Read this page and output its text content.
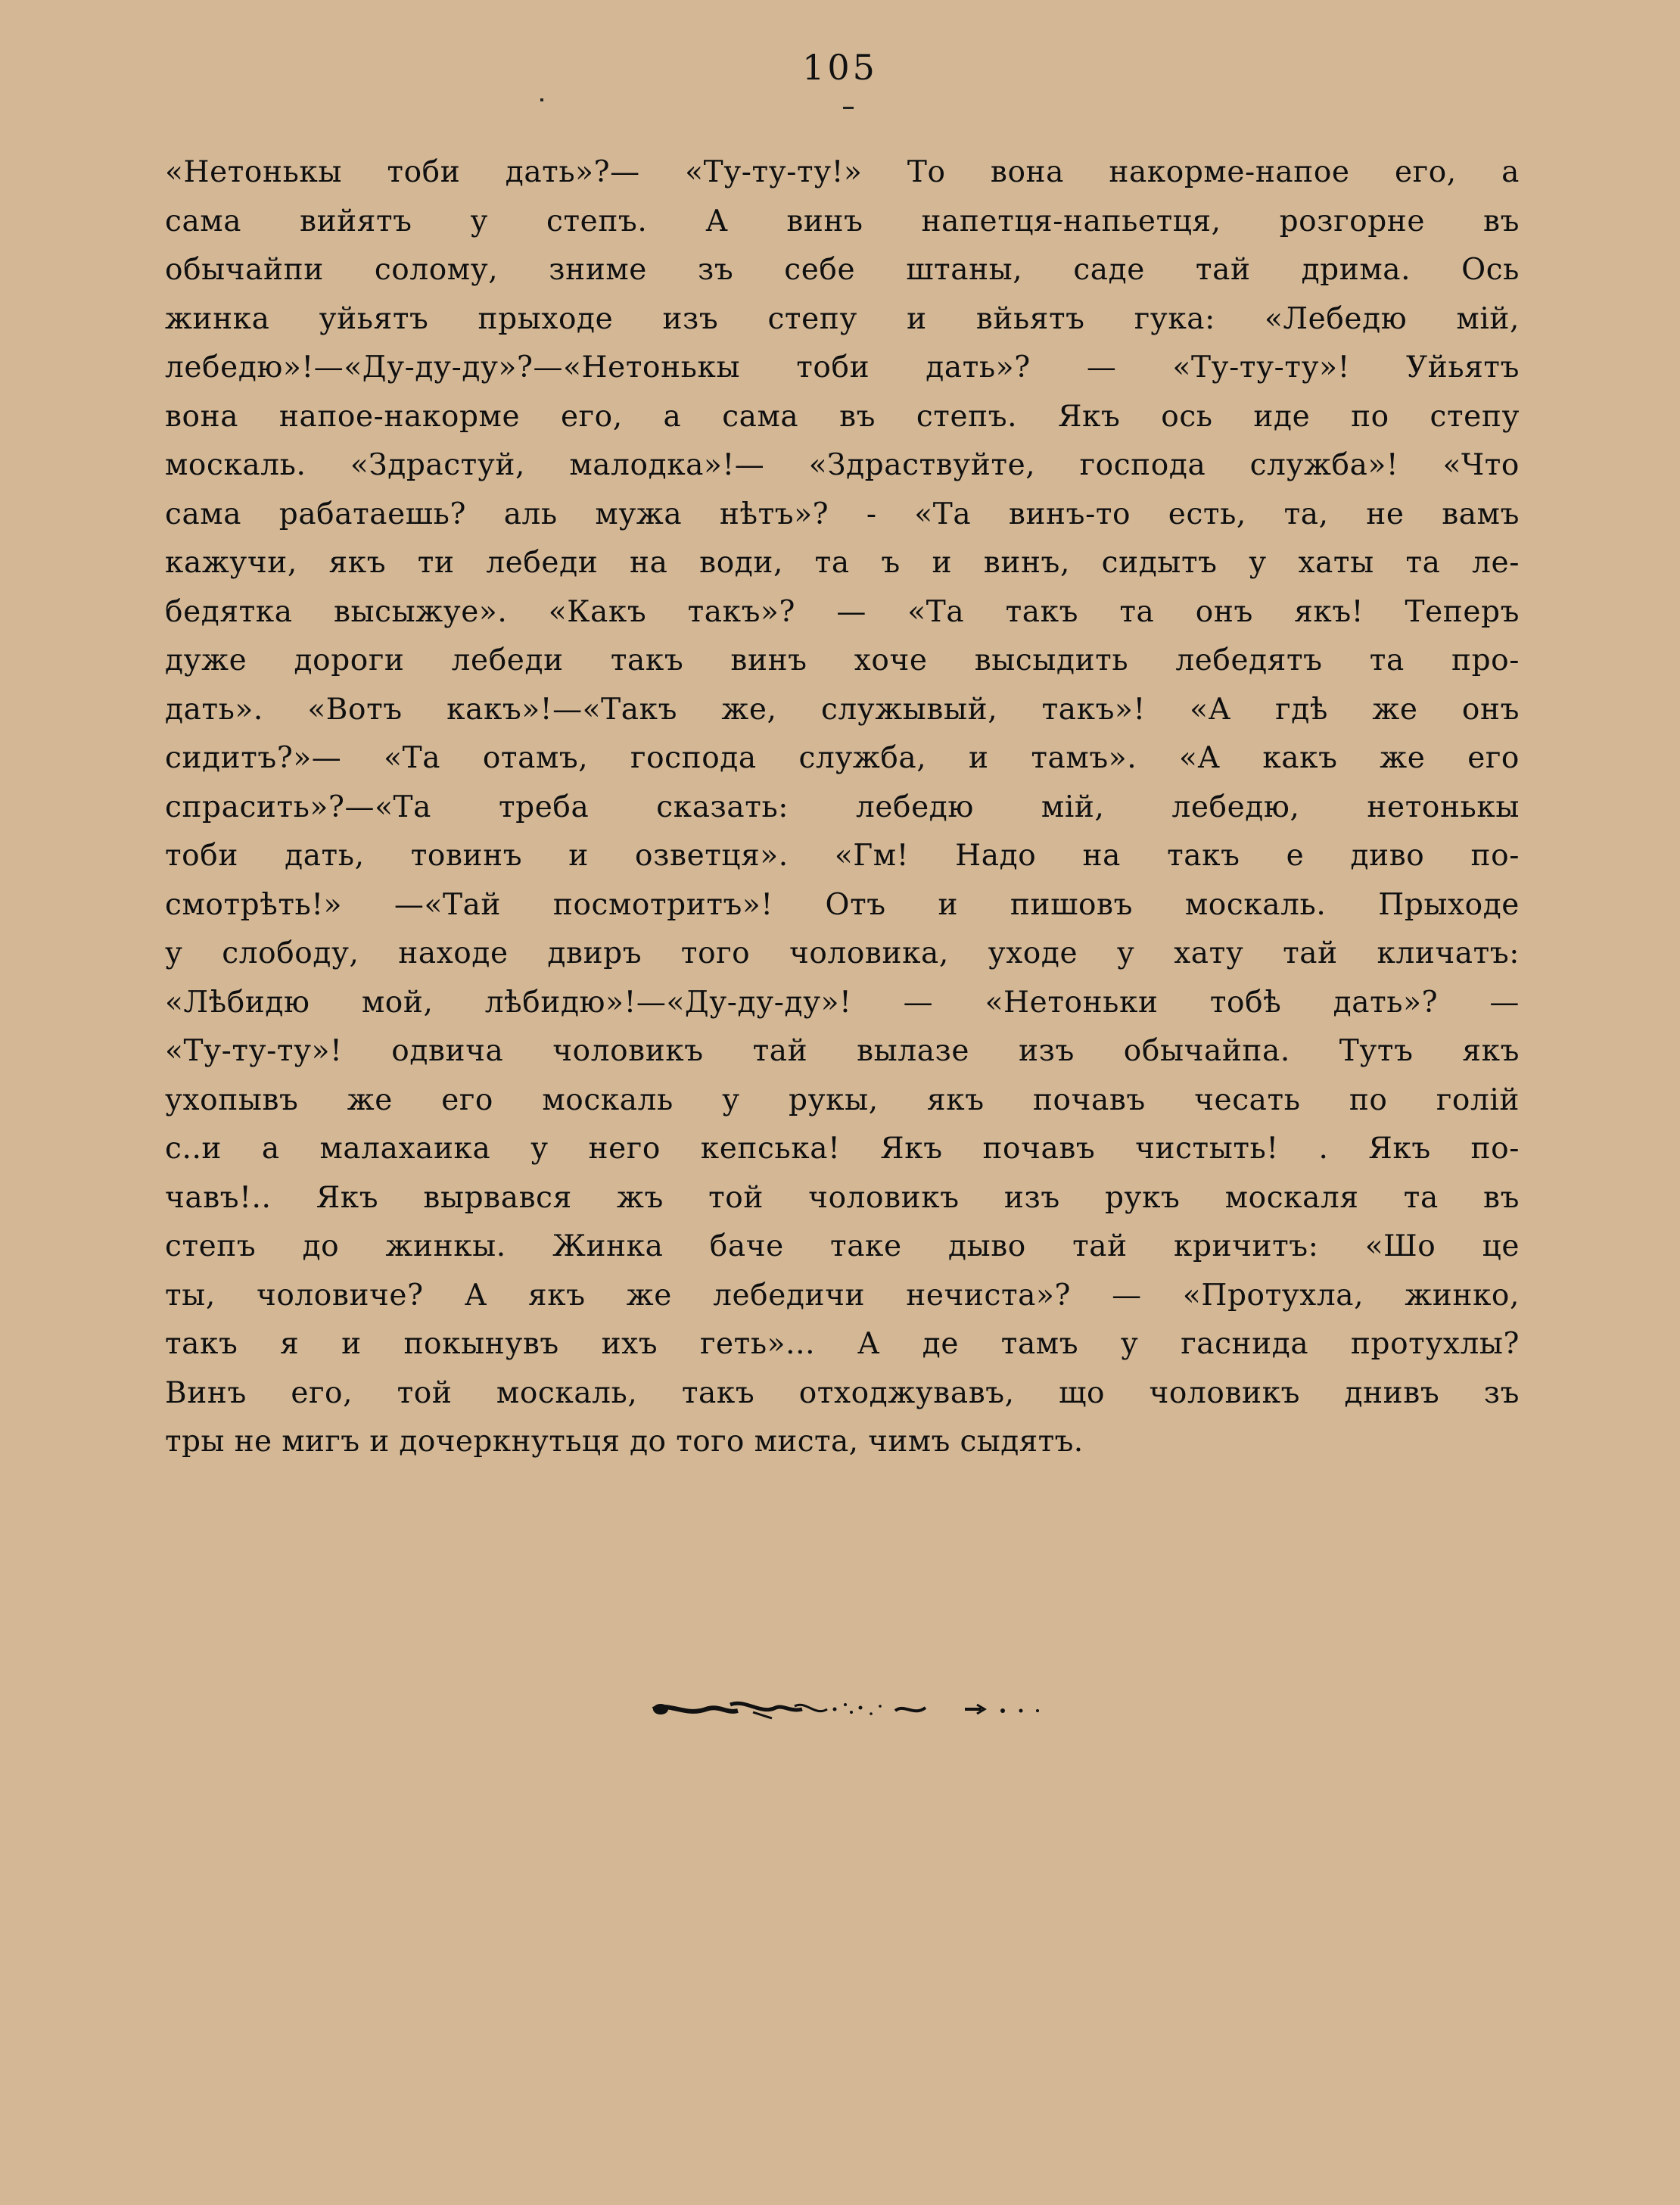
105
«Нетонькы тоби дать»?— «Ту-ту-ту!» То вона накорме-напое его, а
сама вийятъ у степъ. А винъ напетця-напьетця, розгорне въ
обычайпи солому, зниме зъ себе штаны, саде тай дрима. Ось
жинка уйьятъ прыходе изъ степу и вйьятъ гука: «Лебедю мій,
лебедю»!—«Ду-ду-ду»?—«Нетонькы тоби дать»? — «Ту-ту-ту»! Уйьятъ
вона напое-накорме его, а сама въ степъ. Якъ ось иде по степу
москаль. «Здрастуй, малодка»!— «Здраствуйте, господа служба»! «Что
сама рабатаешь? аль мужа нѣтъ»? - «Та винъ-то есть, та, не вамъ
кажучи, якъ ти лебеди на води, та ъ и винъ, сидытъ у хаты та ле-
бедятка высыжуе». «Какъ такъ»? — «Та такъ та онъ якъ! Теперъ
дуже дороги лебеди такъ винъ хоче высыдить лебедятъ та про-
дать». «Вотъ какъ»!—«Такъ же, служывый, такъ»! «А гдѣ же онъ
сидитъ?»— «Та отамъ, господа служба, и тамъ». «А какъ же его
спрасить»?—«Та треба сказать: лебедю мій, лебедю, нетонькы
тоби дать, товинъ и озветця». «Гм! Надо на такъ е диво по-
смотрѣть!» —«Тай посмотритъ»! Отъ и пишовъ москаль. Прыходе
у слободу, находе двиръ того чоловика, уходе у хату тай кличатъ:
«Лѣбидю мой, лѣбидю»!—«Ду-ду-ду»! — «Нетоньки тобѣ дать»? —
«Ту-ту-ту»! одвича чоловикъ тай вылазе изъ обычайпа. Тутъ якъ
ухопывъ же его москаль у рукы, якъ почавъ чесать по голій
с..и а малахаика у него кепська! Якъ почавъ чистыть! . Якъ по-
чавъ!.. Якъ вырвався жъ той чоловикъ изъ рукъ москаля та въ
степъ до жинкы. Жинка баче таке дыво тай кричитъ: «Шо це
ты, чоловиче? А якъ же лебедичи нечиста»? — «Протухла, жинко,
такъ я и покынувъ ихъ геть»... А де тамъ у гаснида протухлы?
Винъ его, той москаль, такъ отходжувавъ, що чоловикъ днивъ зъ
тры не мигъ и дочеркнутьця до того миста, чимъ сыдятъ.
